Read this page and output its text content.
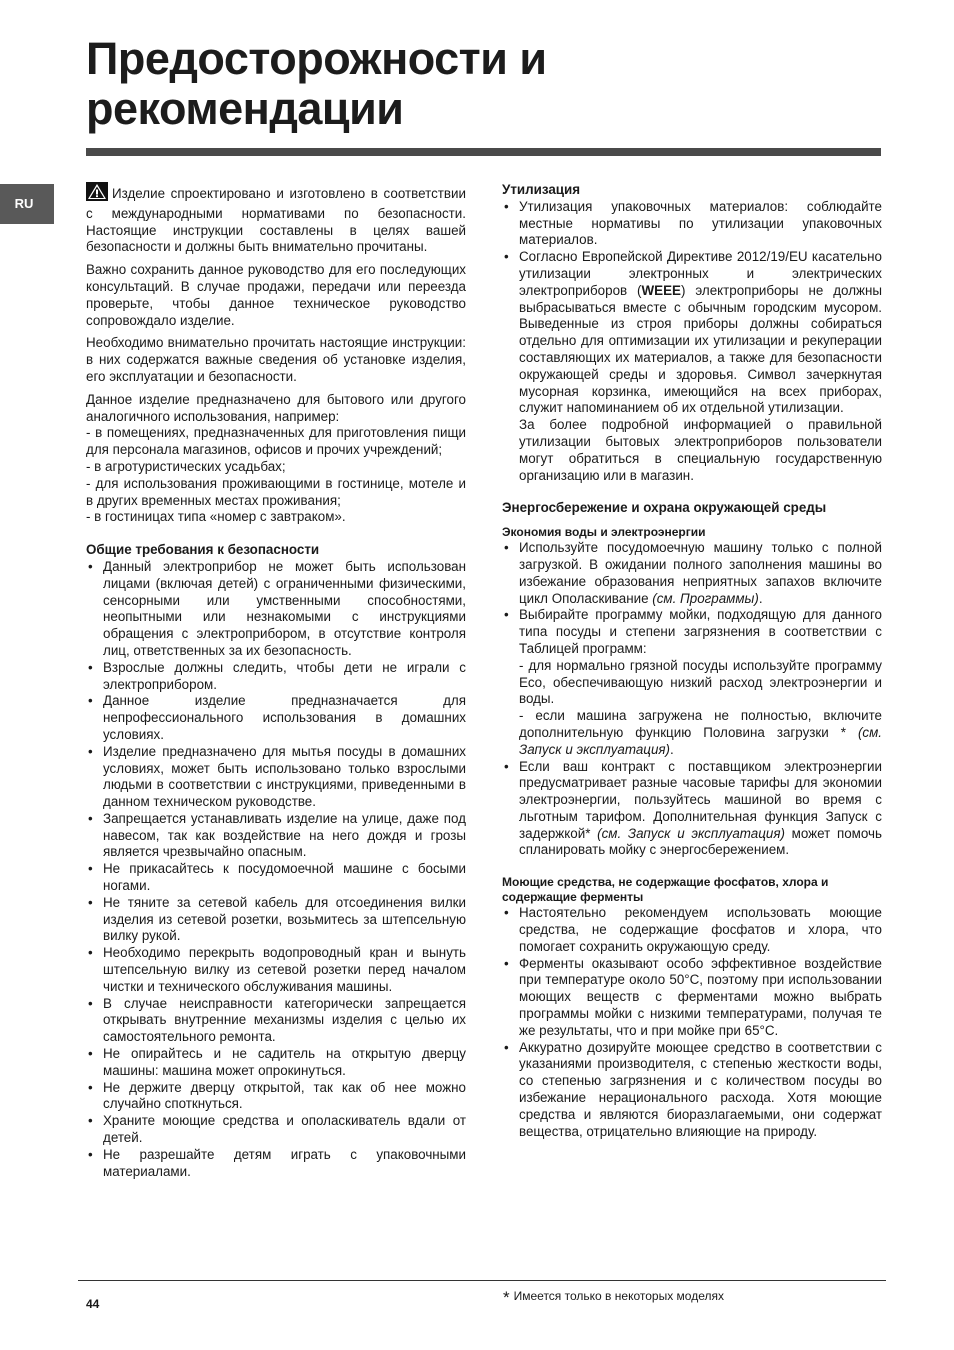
Предосторожности и
рекомендации
RU

Изделие спроектировано и изготовлено в соответствии с международными нормативами по безопасности. Настоящие инструкции составлены в целях вашей безопасности и должны быть внимательно прочитаны.

Важно сохранить данное руководство для его последующих консультаций. В случае продажи, передачи или переезда проверьте, чтобы данное техническое руководство сопровождало изделие.

Необходимо внимательно прочитать настоящие инструкции: в них содержатся важные сведения об установке изделия, его эксплуатации и безопасности.

Данное изделие предназначено для бытового или другого аналогичного использования, например:

- в помещениях, предназначенных для приготовления пищи для персонала магазинов, офисов и прочих учреждений;
- в агротуристических усадьбах;
- для использования проживающими в гостинице, мотеле и в других временных местах проживания;
- в гостиницах типа «номер с завтраком».
Общие требования к безопасности
• Данный электроприбор не может быть использован лицами (включая детей) с ограниченными физическими, сенсорными или умственными способностями, неопытными или незнакомыми с инструкциями обращения с электроприбором, в отсутствие контроля лиц, ответственных за их безопасность.
• Взрослые должны следить, чтобы дети не играли с электроприбором.
• Данное изделие предназначается для непрофессионального использования в домашних условиях.
• Изделие предназначено для мытья посуды в домашних условиях, может быть использовано только взрослыми людьми в соответствии с инструкциями, приведенными в данном техническом руководстве.
• Запрещается устанавливать изделие на улице, даже под навесом, так как воздействие на него дождя и грозы является чрезвычайно опасным.
• Не прикасайтесь к посудомоечной машине с босыми ногами.
• Не тяните за сетевой кабель для отсоединения вилки изделия из сетевой розетки, возьмитесь за штепсельную вилку рукой.
• Необходимо перекрыть водопроводный кран и вынуть штепсельную вилку из сетевой розетки перед началом чистки и технического обслуживания машины.
• В случае неисправности категорически запрещается открывать внутренние механизмы изделия с целью их самостоятельного ремонта.
• Не опирайтесь и не садитель на открытую дверцу машины: машина может опрокинуться.
• Не держите дверцу открытой, так как об нее можно случайно споткнуться.
• Храните моющие средства и ополаскиватель вдали от детей.
• Не разрешайте детям играть с упаковочными материалами.
Утилизация
• Утилизация упаковочных материалов: соблюдайте местные нормативы по утилизации упаковочных материалов.
• Согласно Европейской Директиве 2012/19/EU касательно утилизации электронных и электрических электроприборов (WEEE) электроприборы не должны выбрасываться вместе с обычным городским мусором. Выведенные из строя приборы должны собираться отдельно для оптимизации их утилизации и рекуперации составляющих их материалов, а также для безопасности окружающей среды и здоровья. Символ зачеркнутая мусорная корзинка, имеющийся на всех приборах, служит напоминанием об их отдельной утилизации.
За более подробной информацией о правильной утилизации бытовых электроприборов пользователи могут обратиться в специальную государственную организацию или в магазин.
Энергосбережение и охрана окружающей среды
Экономия воды и электроэнергии
• Используйте посудомоечную машину только с полной загрузкой. В ожидании полного заполнения машины во избежание образования неприятных запахов включите цикл Ополаскивание (см. Программы).
• Выбирайте программу мойки, подходящую для данного типа посуды и степени загрязнения в соответствии с Таблицей программ:
- для нормально грязной посуды используйте программу Eco, обеспечивающую низкий расход электроэнергии и воды.
- если машина загружена не полностью, включите дополнительную функцию Половина загрузки * (см. Запуск и эксплуатация).
• Если ваш контракт с поставщиком электроэнергии предусматривает разные часовые тарифы для экономии электроэнергии, пользуйтесь машиной во время с льготным тарифом. Дополнительная функция Запуск с задержкой* (см. Запуск и эксплуатация) может помочь спланировать мойку с энергосбережением.
Моющие средства, не содержащие фосфатов, хлора и содержащие ферменты
• Настоятельно рекомендуем использовать моющие средства, не содержащие фосфатов и хлора, что помогает сохранить окружающую среду.
• Ферменты оказывают особо эффективное воздействие при температуре около 50°C, поэтому при использовании моющих веществ с ферментами можно выбрать программы мойки с низкими температурами, получая те же результаты, что и при мойке при 65°C.
• Аккуратно дозируйте моющее средство в соответствии с указаниями производителя, с степенью жесткости воды, со степенью загрязнения и с количеством посуды во избежание нерационального расхода. Хотя моющие средства и являются биоразлагаемыми, они содержат вещества, отрицательно влияющие на природу.
44	* Имеется только в некоторых моделях
